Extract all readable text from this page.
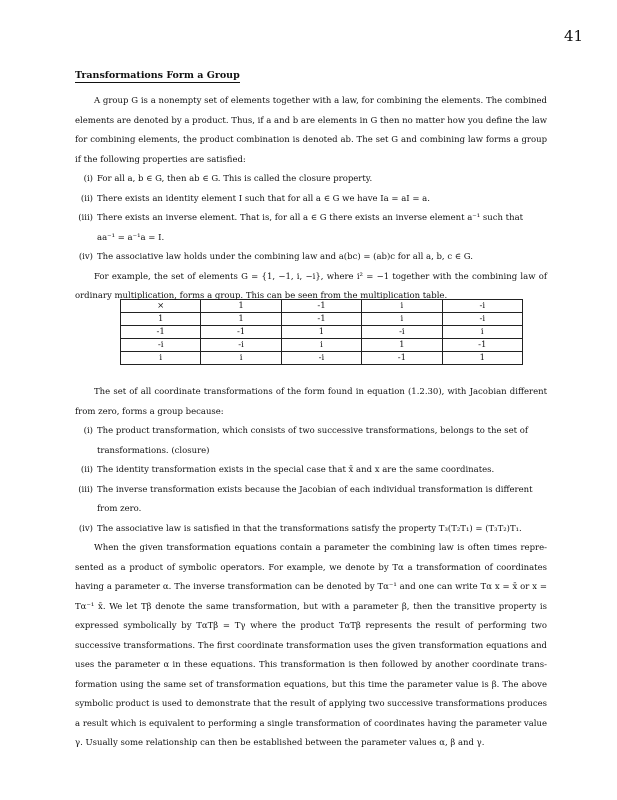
41
Transformations Form a Group

A group G is a nonempty set of elements together with a law, for combining the elements. The combined elements are denoted by a product. Thus, if a and b are elements in G then no matter how you define the law for combining elements, the product combination is denoted ab. The set G and combining law forms a group if the following properties are satisfied:

(i) For all a, b ∈ G, then ab ∈ G. This is called the closure property.
(ii) There exists an identity element I such that for all a ∈ G we have Ia = aI = a.
(iii) There exists an inverse element. That is, for all a ∈ G there exists an inverse element a⁻¹ such that
aa⁻¹ = a⁻¹a = I.
(iv) The associative law holds under the combining law and a(bc) = (ab)c for all a, b, c ∈ G.

For example, the set of elements G = {1, −1, i, −i}, where i² = −1 together with the combining law of ordinary multiplication, forms a group. This can be seen from the multiplication table.

×	1	-1	i	-i
1	1	-1	i	-i
-1	-1	1	-i	i
-i	-i	i	1	-1
i	i	-i	-1	1

The set of all coordinate transformations of the form found in equation (1.2.30), with Jacobian different from zero, forms a group because:

(i) The product transformation, which consists of two successive transformations, belongs to the set of
transformations. (closure)
(ii) The identity transformation exists in the special case that x̄ and x are the same coordinates.
(iii) The inverse transformation exists because the Jacobian of each individual transformation is different
from zero.
(iv) The associative law is satisfied in that the transformations satisfy the property T₃(T₂T₁) = (T₃T₂)T₁.

When the given transformation equations contain a parameter the combining law is often times repre- sented as a product of symbolic operators. For example, we denote by Tα a transformation of coordinates having a parameter α. The inverse transformation can be denoted by Tα⁻¹ and one can write Tα x = x̄ or x = Tα⁻¹ x̄. We let Tβ denote the same transformation, but with a parameter β, then the transitive property is expressed symbolically by TαTβ = Tγ where the product TαTβ represents the result of performing two successive transformations. The first coordinate transformation uses the given transformation equations and uses the parameter α in these equations. This transformation is then followed by another coordinate trans- formation using the same set of transformation equations, but this time the parameter value is β. The above symbolic product is used to demonstrate that the result of applying two successive transformations produces a result which is equivalent to performing a single transformation of coordinates having the parameter value γ. Usually some relationship can then be established between the parameter values α, β and γ.
